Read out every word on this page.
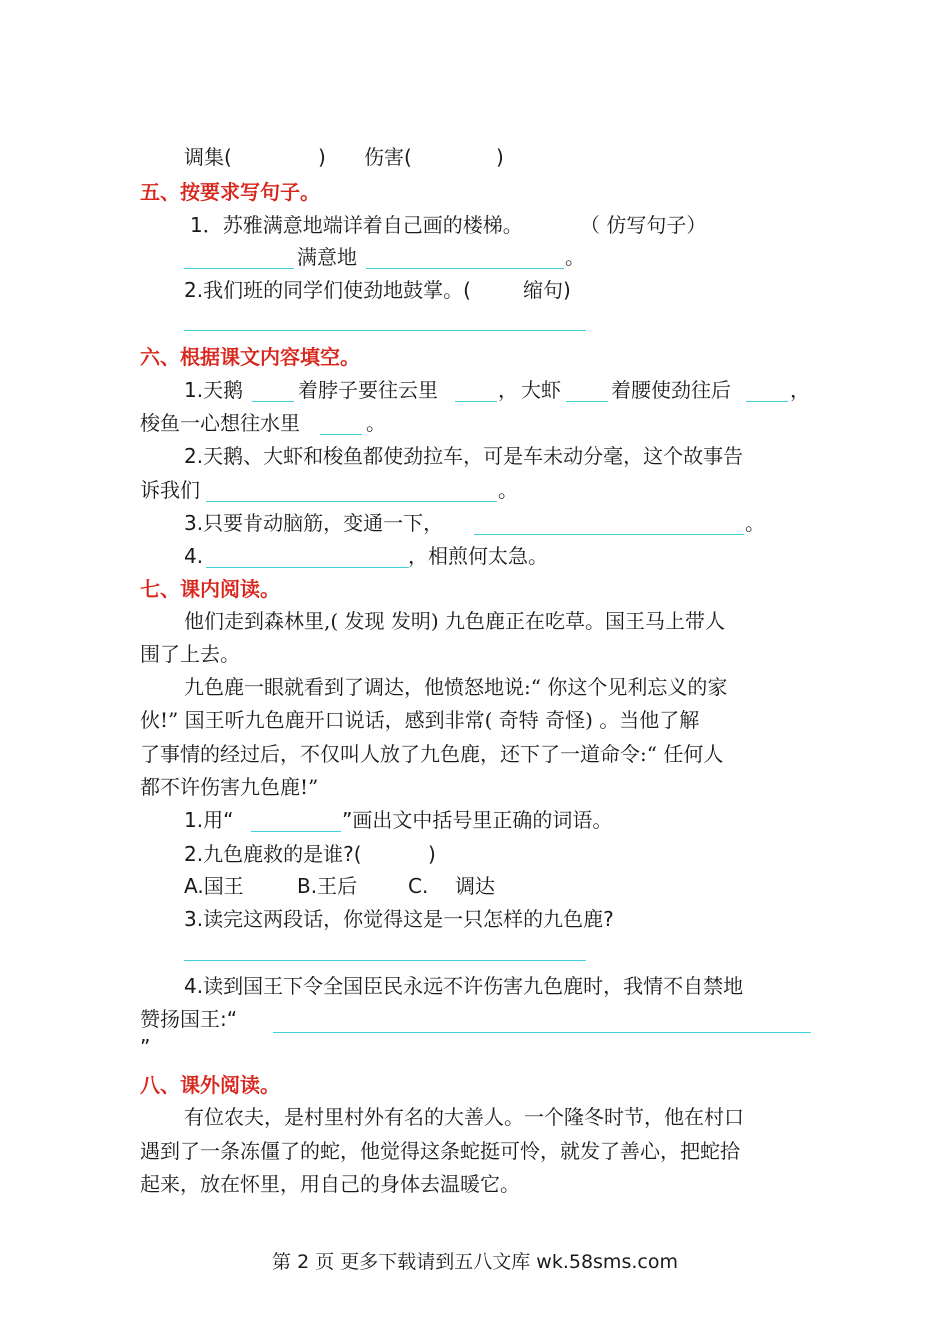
调集(	) 伤害(	)
五、按要求写句子。
1．苏雅满意地端详着自己画的楼梯。	（ 仿写句子）
满意地	。
2.我们班的同学们使劲地鼓掌。(	缩句)
六、根据课文内容填空。
1.天鹅	着脖子要往云里	， 大虾	着腰使劲往后	，
梭鱼一心想往水里	。
2.天鹅、大虾和梭鱼都使劲拉车，可是车未动分毫，这个故事告
诉我们	。
3.只要肯动脑筋，变通一下，	。
4.	，相煎何太急。
七、课内阅读。
他们走到森林里,( 发现 发明) 九色鹿正在吃草。国王马上带人
围了上去。
九色鹿一眼就看到了调达，他愤怒地说:“ 你这个见利忘义的家
伙!” 国王听九色鹿开口说话，感到非常( 奇特 奇怪) 。当他了解
了事情的经过后，不仅叫人放了九色鹿，还下了一道命令:“ 任何人
都不许伤害九色鹿!”
1.用“	”画出文中括号里正确的词语。
2.九色鹿救的是谁?(	)
A.国王	B.王后	C. 调达
3.读完这两段话，你觉得这是一只怎样的九色鹿?
4.读到国王下令全国臣民永远不许伤害九色鹿时，我情不自禁地
赞扬国王:“
”
八、课外阅读。
有位农夫，是村里村外有名的大善人。一个隆冬时节，他在村口
遇到了一条冻僵了的蛇，他觉得这条蛇挺可怜，就发了善心，把蛇拾
起来，放在怀里，用自己的身体去温暖它。
第 2 页 更多下载请到五八文库 wk.58sms.com
